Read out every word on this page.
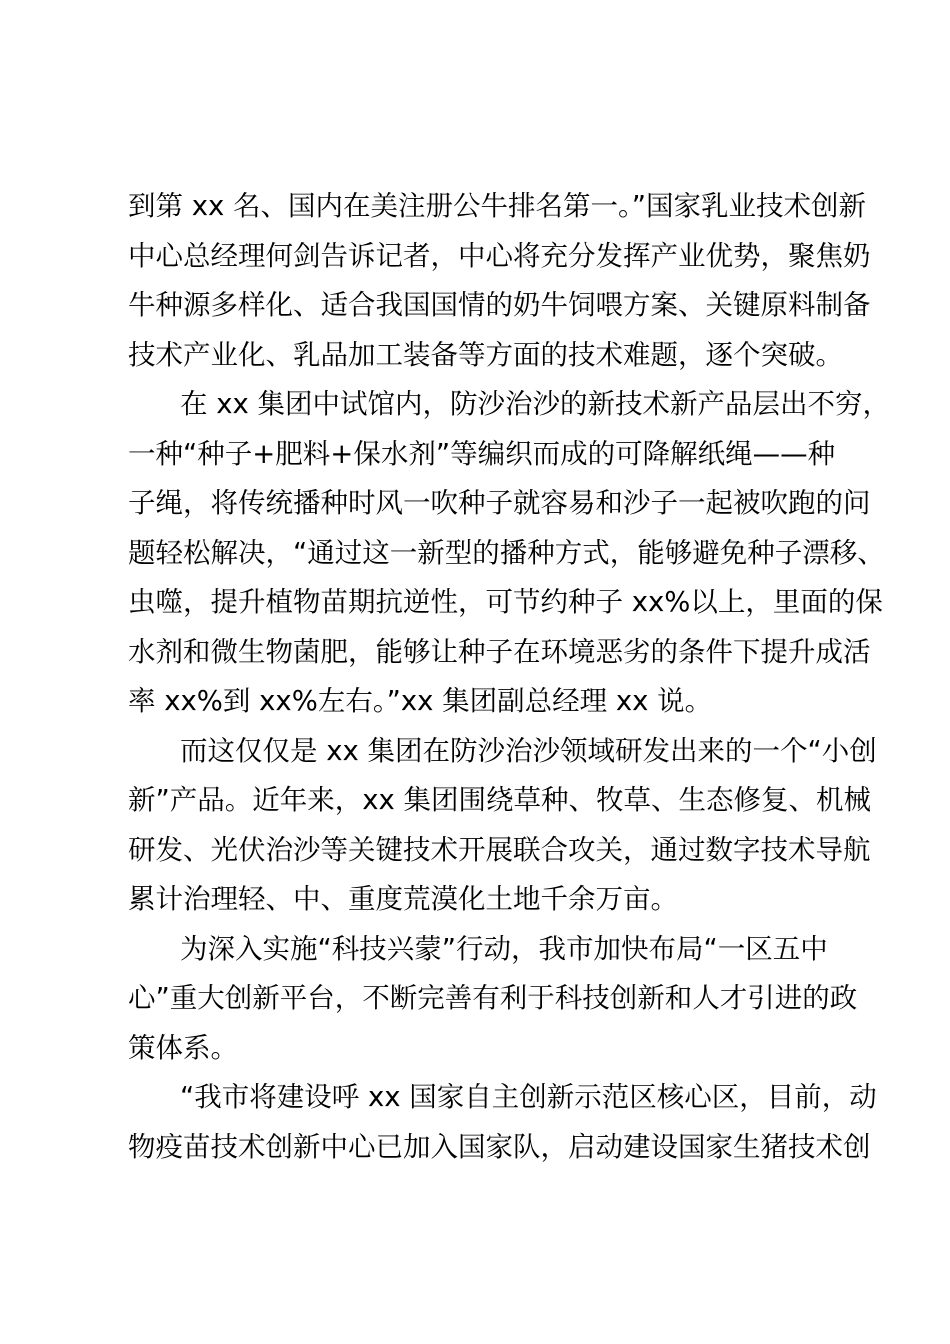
到第 xx 名、国内在美注册公牛排名第一。”国家乳业技术创新
中心总经理何剑告诉记者，中心将充分发挥产业优势，聚焦奶
牛种源多样化、适合我国国情的奶牛饲喂方案、关键原料制备
技术产业化、乳品加工装备等方面的技术难题，逐个突破。
在 xx 集团中试馆内，防沙治沙的新技术新产品层出不穷，
一种“种子+肥料+保水剂”等编织而成的可降解纸绳——种
子绳，将传统播种时风一吹种子就容易和沙子一起被吹跑的问
题轻松解决，“通过这一新型的播种方式，能够避免种子漂移、
虫噬，提升植物苗期抗逆性，可节约种子 xx%以上，里面的保
水剂和微生物菌肥，能够让种子在环境恶劣的条件下提升成活
率 xx%到 xx%左右。”xx 集团副总经理 xx 说。
而这仅仅是 xx 集团在防沙治沙领域研发出来的一个“小创
新”产品。近年来，xx 集团围绕草种、牧草、生态修复、机械
研发、光伏治沙等关键技术开展联合攻关，通过数字技术导航
累计治理轻、中、重度荒漠化土地千余万亩。
为深入实施“科技兴蒙”行动，我市加快布局“一区五中
心”重大创新平台，不断完善有利于科技创新和人才引进的政
策体系。
“我市将建设呼 xx 国家自主创新示范区核心区，目前，动
物疫苗技术创新中心已加入国家队，启动建设国家生猪技术创
